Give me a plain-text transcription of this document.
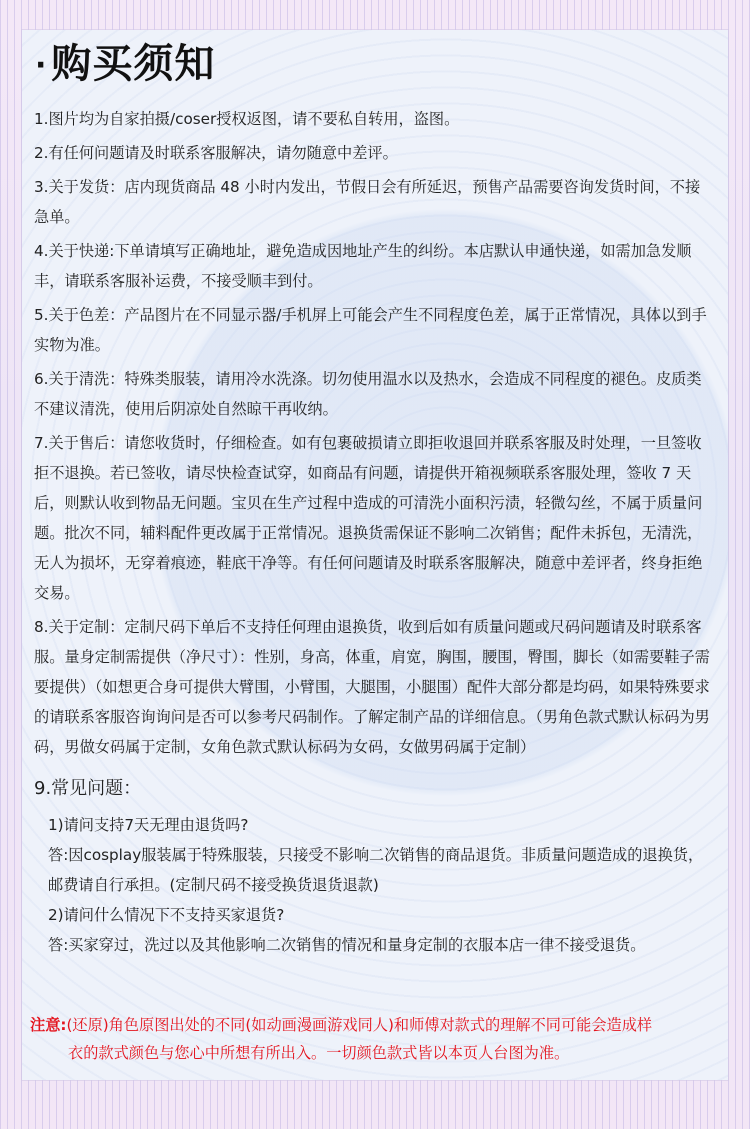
· 购买须知

1.图片均为自家拍摄/coser授权返图，请不要私自转用，盗图。

2.有任何问题请及时联系客服解决，请勿随意中差评。

3.关于发货：店内现货商品 48 小时内发出，节假日会有所延迟，预售产品需要咨询发货时间，不接急单。

4.关于快递:下单请填写正确地址，避免造成因地址产生的纠纷。本店默认申通快递，如需加急发顺丰，请联系客服补运费，不接受顺丰到付。

5.关于色差：产品图片在不同显示器/手机屏上可能会产生不同程度色差，属于正常情况，具体以到手实物为准。

6.关于清洗：特殊类服装，请用冷水洗涤。切勿使用温水以及热水，会造成不同程度的褪色。皮质类不建议清洗，使用后阴凉处自然晾干再收纳。

7.关于售后：请您收货时，仔细检查。如有包裹破损请立即拒收退回并联系客服及时处理，一旦签收拒不退换。若已签收，请尽快检查试穿，如商品有问题，请提供开箱视频联系客服处理，签收 7 天后，则默认收到物品无问题。宝贝在生产过程中造成的可清洗小面积污渍，轻微勾丝，不属于质量问题。批次不同，辅料配件更改属于正常情况。退换货需保证不影响二次销售；配件未拆包，无清洗，无人为损坏，无穿着痕迹，鞋底干净等。有任何问题请及时联系客服解决，随意中差评者，终身拒绝交易。

8.关于定制：定制尺码下单后不支持任何理由退换货，收到后如有质量问题或尺码问题请及时联系客服。量身定制需提供（净尺寸）：性别，身高，体重，肩宽，胸围，腰围，臀围，脚长（如需要鞋子需要提供）（如想更合身可提供大臂围，小臂围，大腿围，小腿围）配件大部分都是均码，如果特殊要求的请联系客服咨询询问是否可以参考尺码制作。了解定制产品的详细信息。（男角色款式默认标码为男码，男做女码属于定制，女角色款式默认标码为女码，女做男码属于定制）

9.常见问题：

1)请问支持7天无理由退货吗?

答:因cosplay服装属于特殊服装，只接受不影响二次销售的商品退货。非质量问题造成的退换货，邮费请自行承担。(定制尺码不接受换货退货退款)

2)请问什么情况下不支持买家退货?

答:买家穿过，洗过以及其他影响二次销售的情况和量身定制的衣服本店一律不接受退货。

注意:(还原)角色原图出处的不同(如动画漫画游戏同人)和师傅对款式的理解不同可能会造成样
衣的款式颜色与您心中所想有所出入。一切颜色款式皆以本页人台图为准。
